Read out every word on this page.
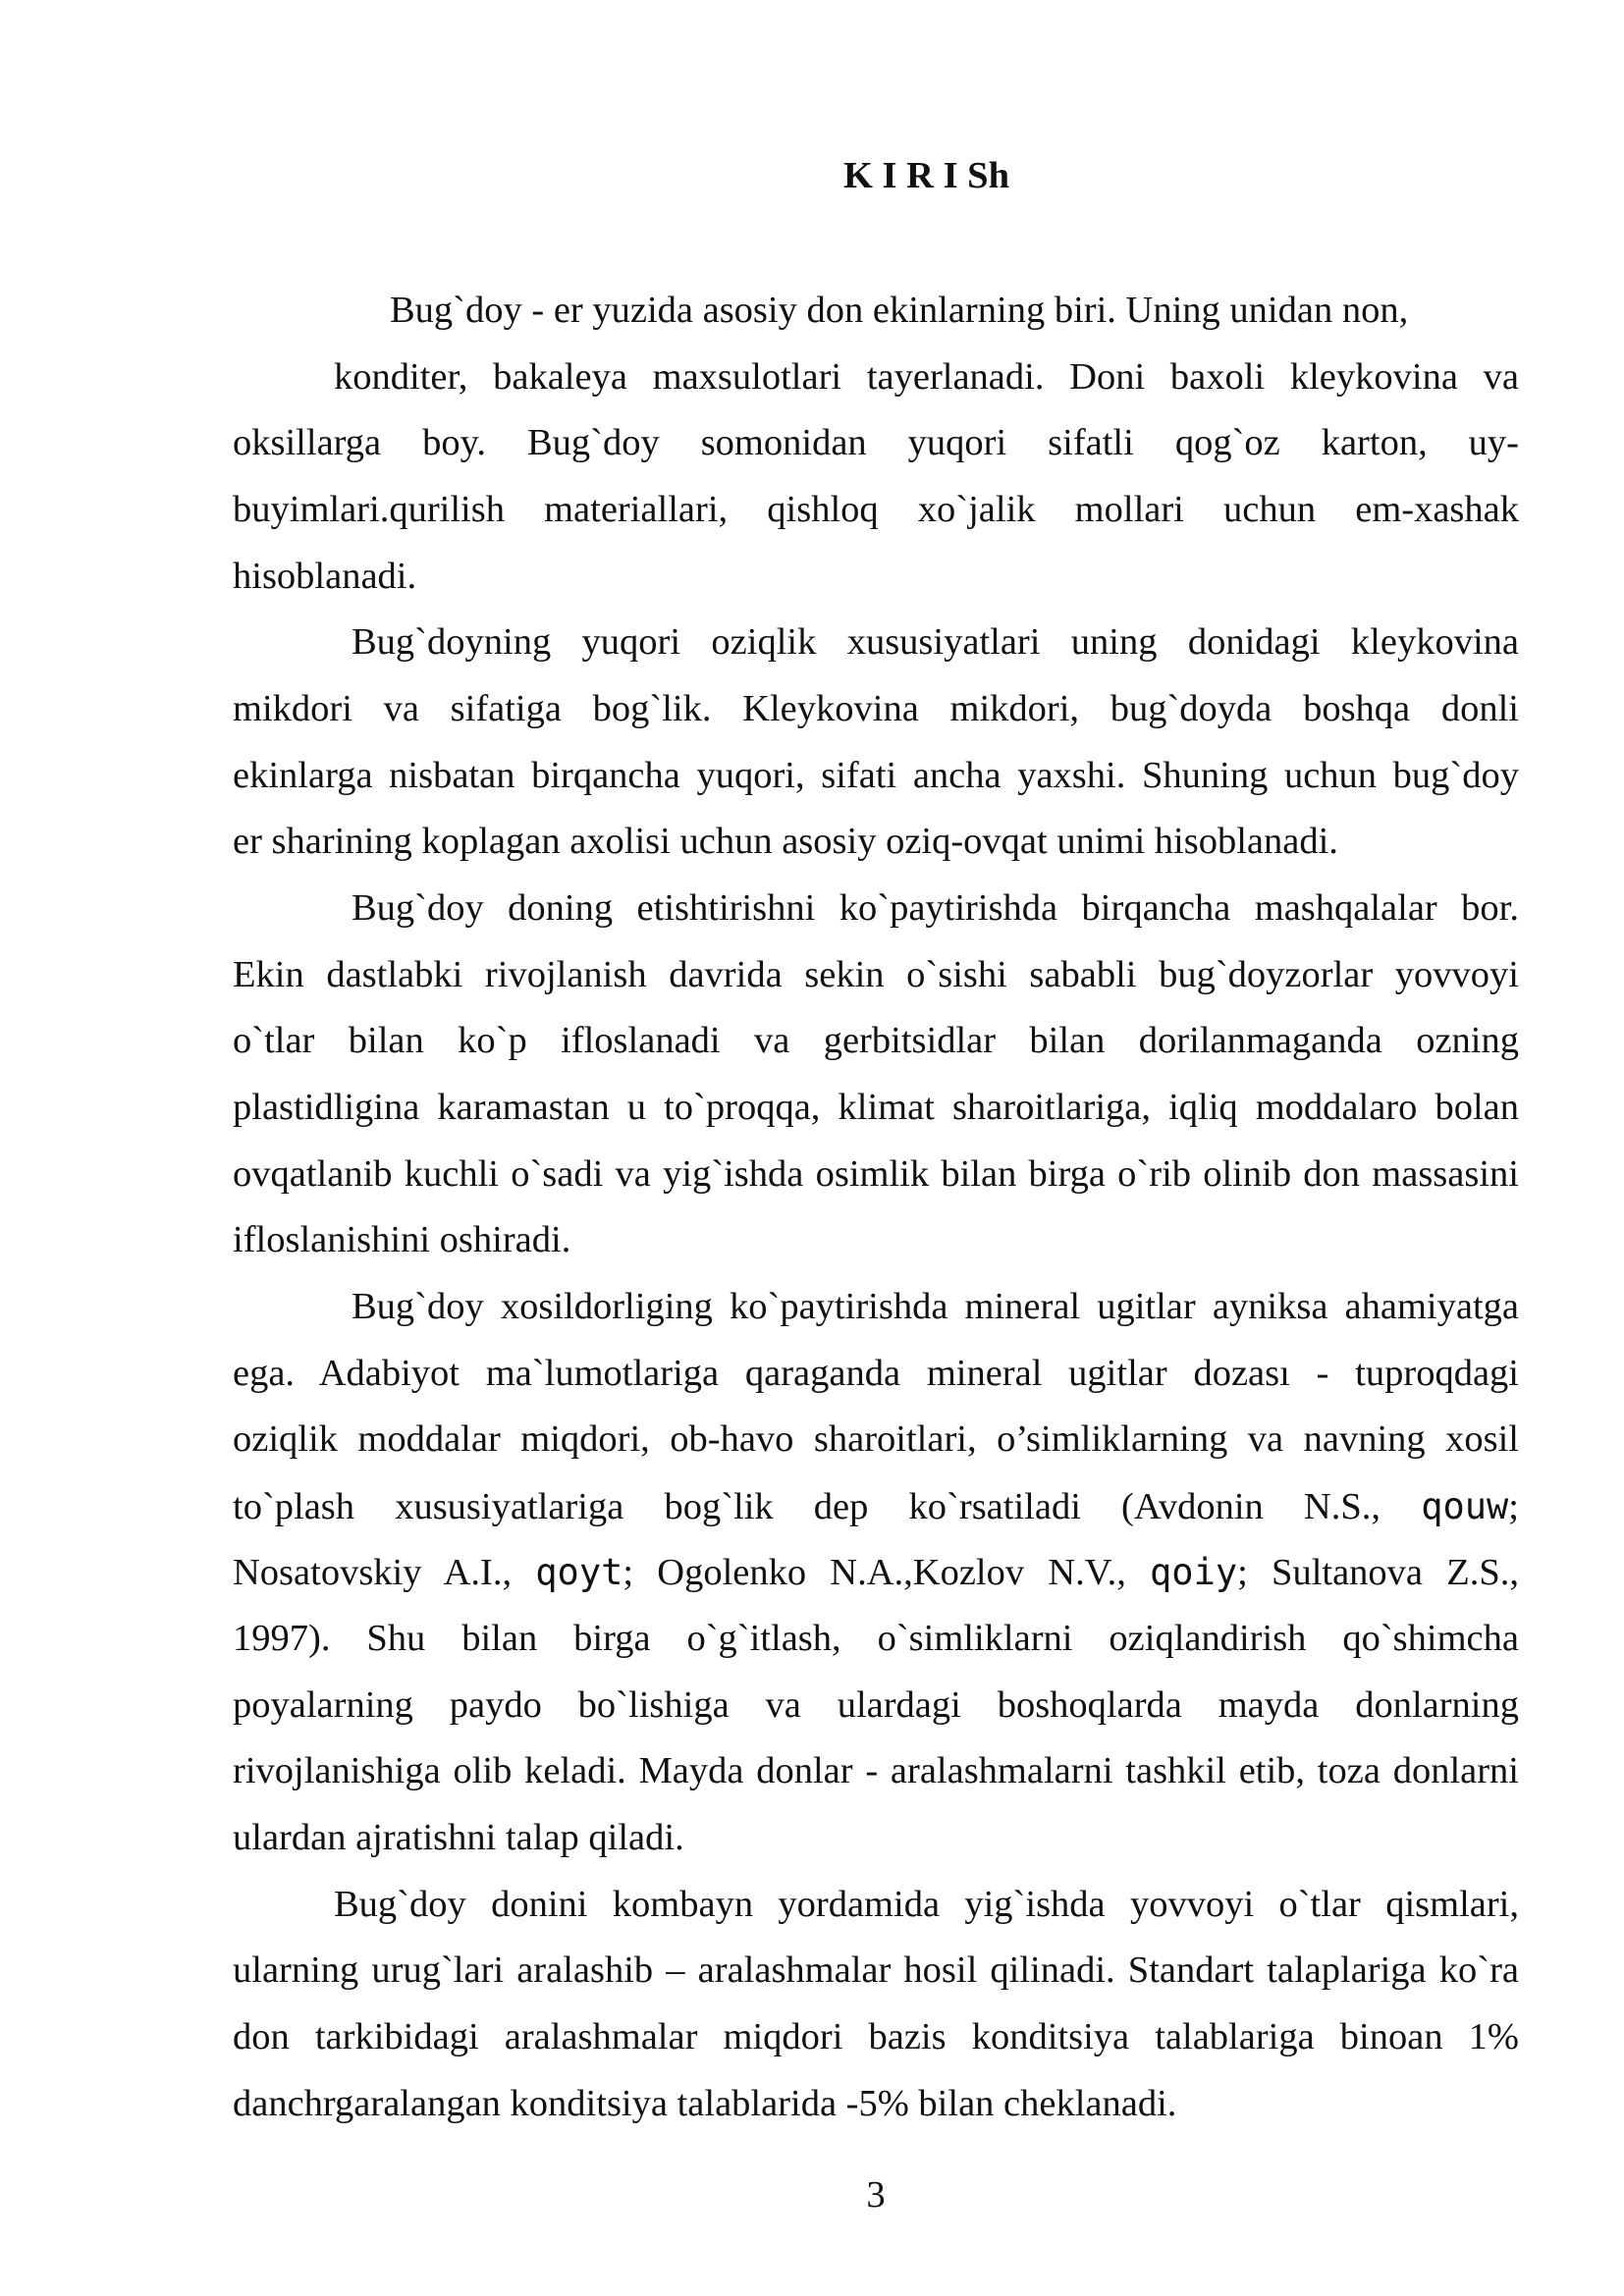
K I R I Sh
Bug`doy - er yuzida asosiy don ekinlarning biri. Uning unidan non,
konditer, bakaleya maxsulotlari tayerlanadi. Doni baxoli kleykovina va
oksillarga boy. Bug`doy somonidan yuqori sifatli qog`oz karton, uy-
buyimlari.qurilish materiallari, qishloq xo`jalik mollari uchun em-xashak
hisoblanadi.
Bug`doyning yuqori oziqlik xususiyatlari uning donidagi kleykovina
mikdori va sifatiga bog`lik. Kleykovina mikdori, bug`doyda boshqa donli
ekinlarga nisbatan birqancha yuqori, sifati ancha yaxshi. Shuning uchun bug`doy
er sharining koplagan axolisi uchun asosiy oziq-ovqat unimi hisoblanadi.
Bug`doy doning etishtirishni ko`paytirishda birqancha mashqalalar bor.
Ekin dastlabki rivojlanish davrida sekin o`sishi sababli bug`doyzorlar yovvoyi
o`tlar bilan ko`p ifloslanadi va gerbitsidlar bilan dorilanmaganda ozning
plastidligina karamastan u to`proqqa, klimat sharoitlariga, iqliq moddalaro bolan
ovqatlanib kuchli o`sadi va yig`ishda osimlik bilan birga o`rib olinib don massasini
ifloslanishini oshiradi.
Bug`doy xosildorliging ko`paytirishda mineral ugitlar ayniksa ahamiyatga
ega. Adabiyot ma`lumotlariga qaraganda mineral ugitlar dozası - tuproqdagi
oziqlik moddalar miqdori, ob-havo sharoitlari, o’simliklarning va navning xosil
to`plash xususiyatlariga bog`lik dep ko`rsatiladi (Avdonin N.S., qouw;
Nosatovskiy A.I., qoyt; Ogolenko N.A.,Kozlov N.V., qoiy; Sultanova Z.S.,
1997). Shu bilan birga o`g`itlash, o`simliklarni oziqlandirish qo`shimcha
poyalarning paydo bo`lishiga va ulardagi boshoqlarda mayda donlarning
rivojlanishiga olib keladi. Mayda donlar - aralashmalarni tashkil etib, toza donlarni
ulardan ajratishni talap qiladi.
Bug`doy donini kombayn yordamida yig`ishda yovvoyi o`tlar qismlari,
ularning urug`lari aralashib – aralashmalar hosil qilinadi. Standart talaplariga ko`ra
don tarkibidagi aralashmalar miqdori bazis konditsiya talablariga binoan 1%
danchrgaralangan konditsiya talablarida -5% bilan cheklanadi.
3
